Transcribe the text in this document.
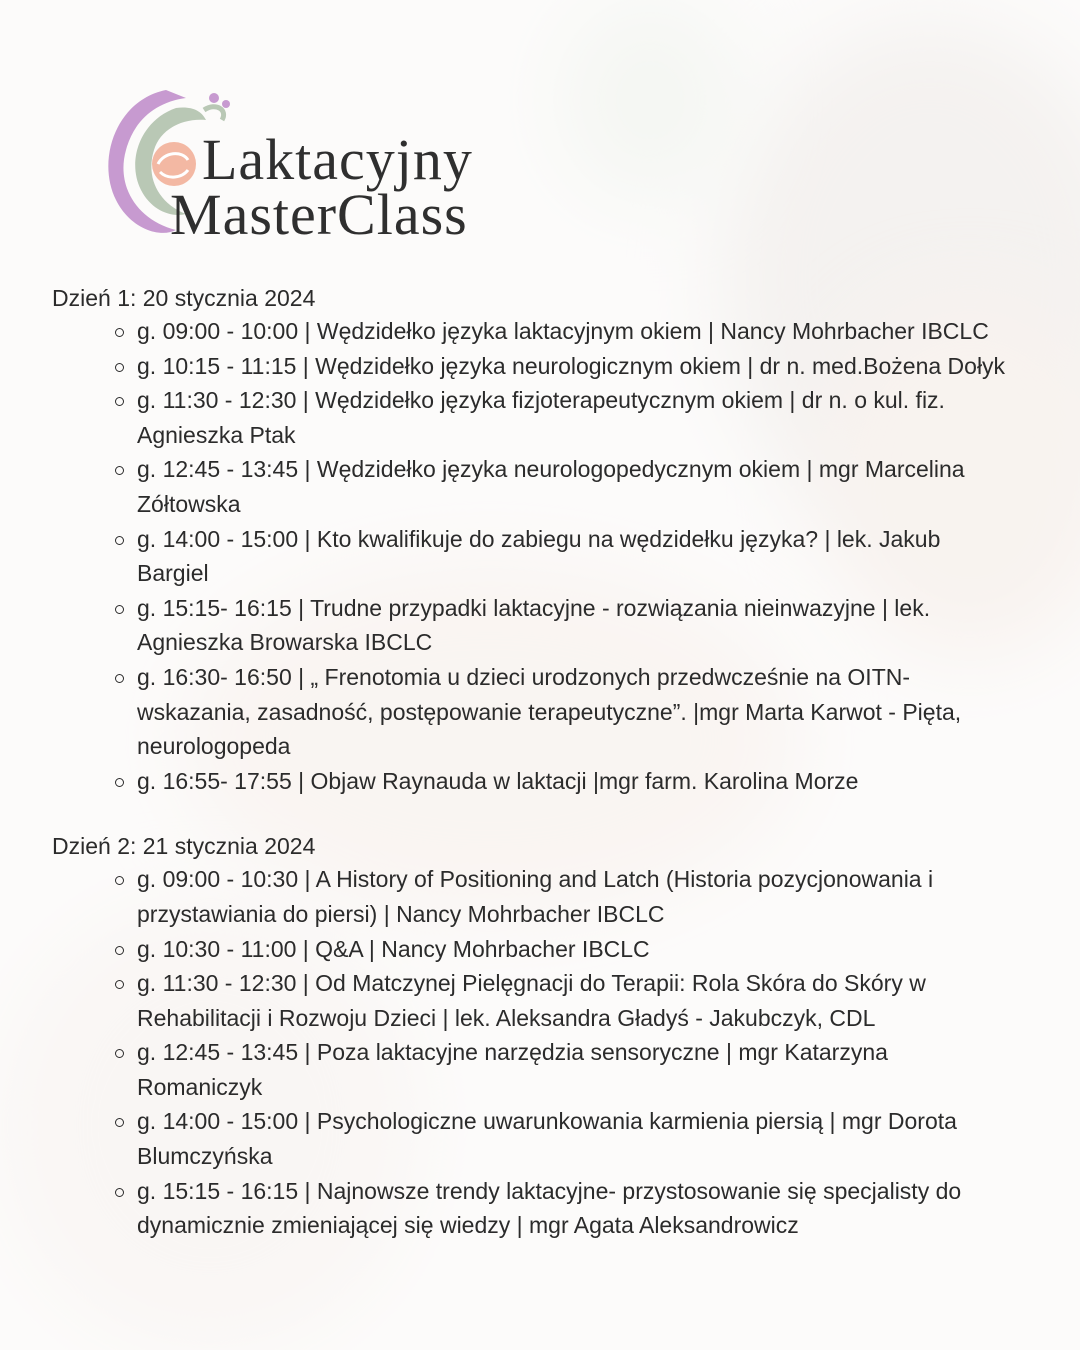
Laktacyjny
MasterClass
Dzień 1: 20 stycznia 2024
g. 09:00 - 10:00 | Wędzidełko języka laktacyjnym okiem | Nancy Mohrbacher IBCLC
g. 10:15 - 11:15 | Wędzidełko języka neurologicznym okiem | dr n. med.Bożena Dołyk
g. 11:30 - 12:30 | Wędzidełko języka fizjoterapeutycznym okiem | dr n. o kul. fiz. Agnieszka Ptak
g. 12:45 - 13:45 | Wędzidełko języka neurologopedycznym okiem | mgr Marcelina Zółtowska
g. 14:00 - 15:00 | Kto kwalifikuje do zabiegu na wędzidełku języka? | lek. Jakub Bargiel
g. 15:15- 16:15 | Trudne przypadki laktacyjne - rozwiązania nieinwazyjne | lek. Agnieszka Browarska IBCLC
g. 16:30- 16:50 | „ Frenotomia u dzieci urodzonych przedwcześnie na OITN-wskazania, zasadność, postępowanie terapeutyczne”. |mgr Marta Karwot - Pięta, neurologopeda
g. 16:55- 17:55 | Objaw Raynauda w laktacji |mgr farm. Karolina Morze
Dzień 2: 21 stycznia 2024
g. 09:00 - 10:30 | A History of Positioning and Latch (Historia pozycjonowania i przystawiania do piersi) | Nancy Mohrbacher IBCLC
g. 10:30 - 11:00 | Q&A | Nancy Mohrbacher IBCLC
g. 11:30 - 12:30 | Od Matczynej Pielęgnacji do Terapii: Rola Skóra do Skóry w Rehabilitacji i Rozwoju Dzieci | lek. Aleksandra Gładyś - Jakubczyk, CDL
g. 12:45 - 13:45 | Poza laktacyjne narzędzia sensoryczne | mgr Katarzyna Romaniczyk
g. 14:00 - 15:00 | Psychologiczne uwarunkowania karmienia piersią | mgr Dorota Blumczyńska
g. 15:15 - 16:15 | Najnowsze trendy laktacyjne- przystosowanie się specjalisty do dynamicznie zmieniającej się wiedzy | mgr Agata Aleksandrowicz
